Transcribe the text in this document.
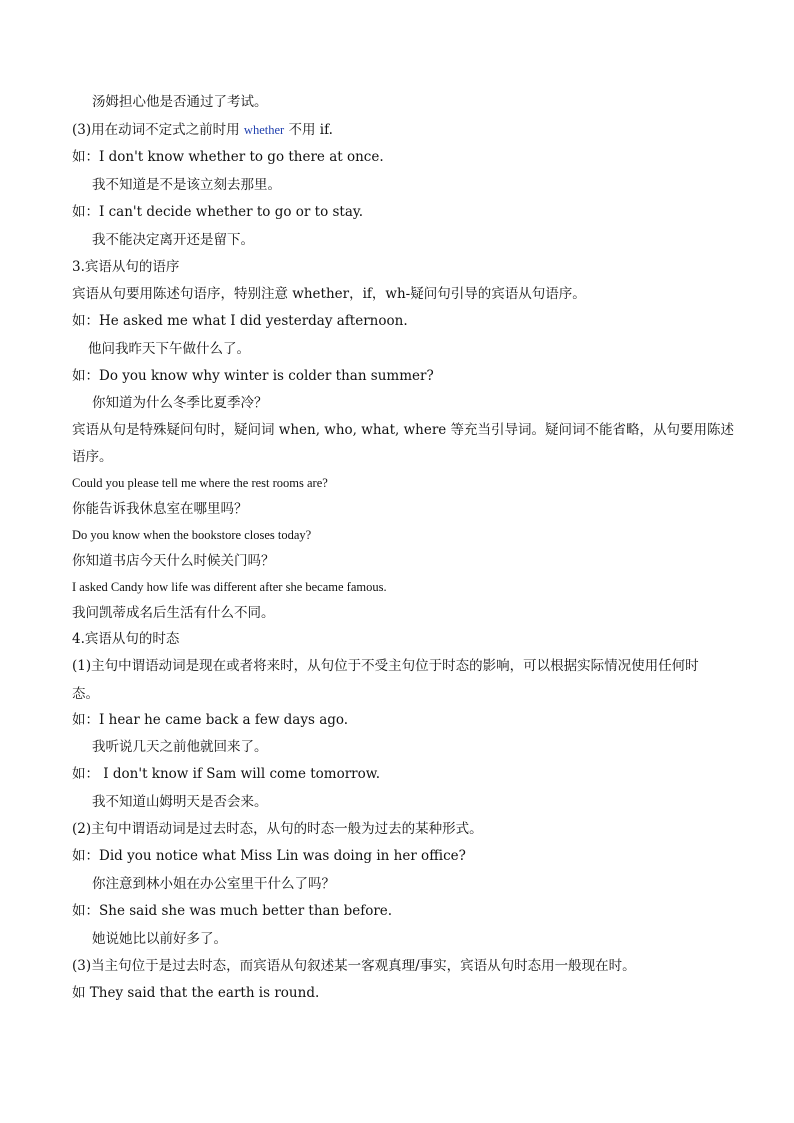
汤姆担心他是否通过了考试。
(3)用在动词不定式之前时用 whether 不用 if.
如：I don't know whether to go there at once.
我不知道是不是该立刻去那里。
如：I can't decide whether to go or to stay.
我不能决定离开还是留下。
3.宾语从句的语序
宾语从句要用陈述句语序，特别注意 whether，if，wh-疑问句引导的宾语从句语序。
如：He asked me what I did yesterday afternoon.
他问我昨天下午做什么了。
如：Do you know why winter is colder than summer?
你知道为什么冬季比夏季冷？
宾语从句是特殊疑问句时，疑问词 when, who, what, where 等充当引导词。疑问词不能省略，从句要用陈述
语序。
Could you please tell me where the rest rooms are?
你能告诉我休息室在哪里吗？
Do you know when the bookstore closes today?
你知道书店今天什么时候关门吗？
I asked Candy how life was different after she became famous.
我问凯蒂成名后生活有什么不同。
4.宾语从句的时态
(1)主句中谓语动词是现在或者将来时，从句位于不受主句位于时态的影响，可以根据实际情况使用任何时
态。
如：I hear he came back a few days ago.
我听说几天之前他就回来了。
如： I don't know if Sam will come tomorrow.
我不知道山姆明天是否会来。
(2)主句中谓语动词是过去时态，从句的时态一般为过去的某种形式。
如：Did you notice what Miss Lin was doing in her office?
你注意到林小姐在办公室里干什么了吗？
如：She said she was much better than before.
她说她比以前好多了。
(3)当主句位于是过去时态，而宾语从句叙述某一客观真理/事实，宾语从句时态用一般现在时。
如 They said that the earth is round.
